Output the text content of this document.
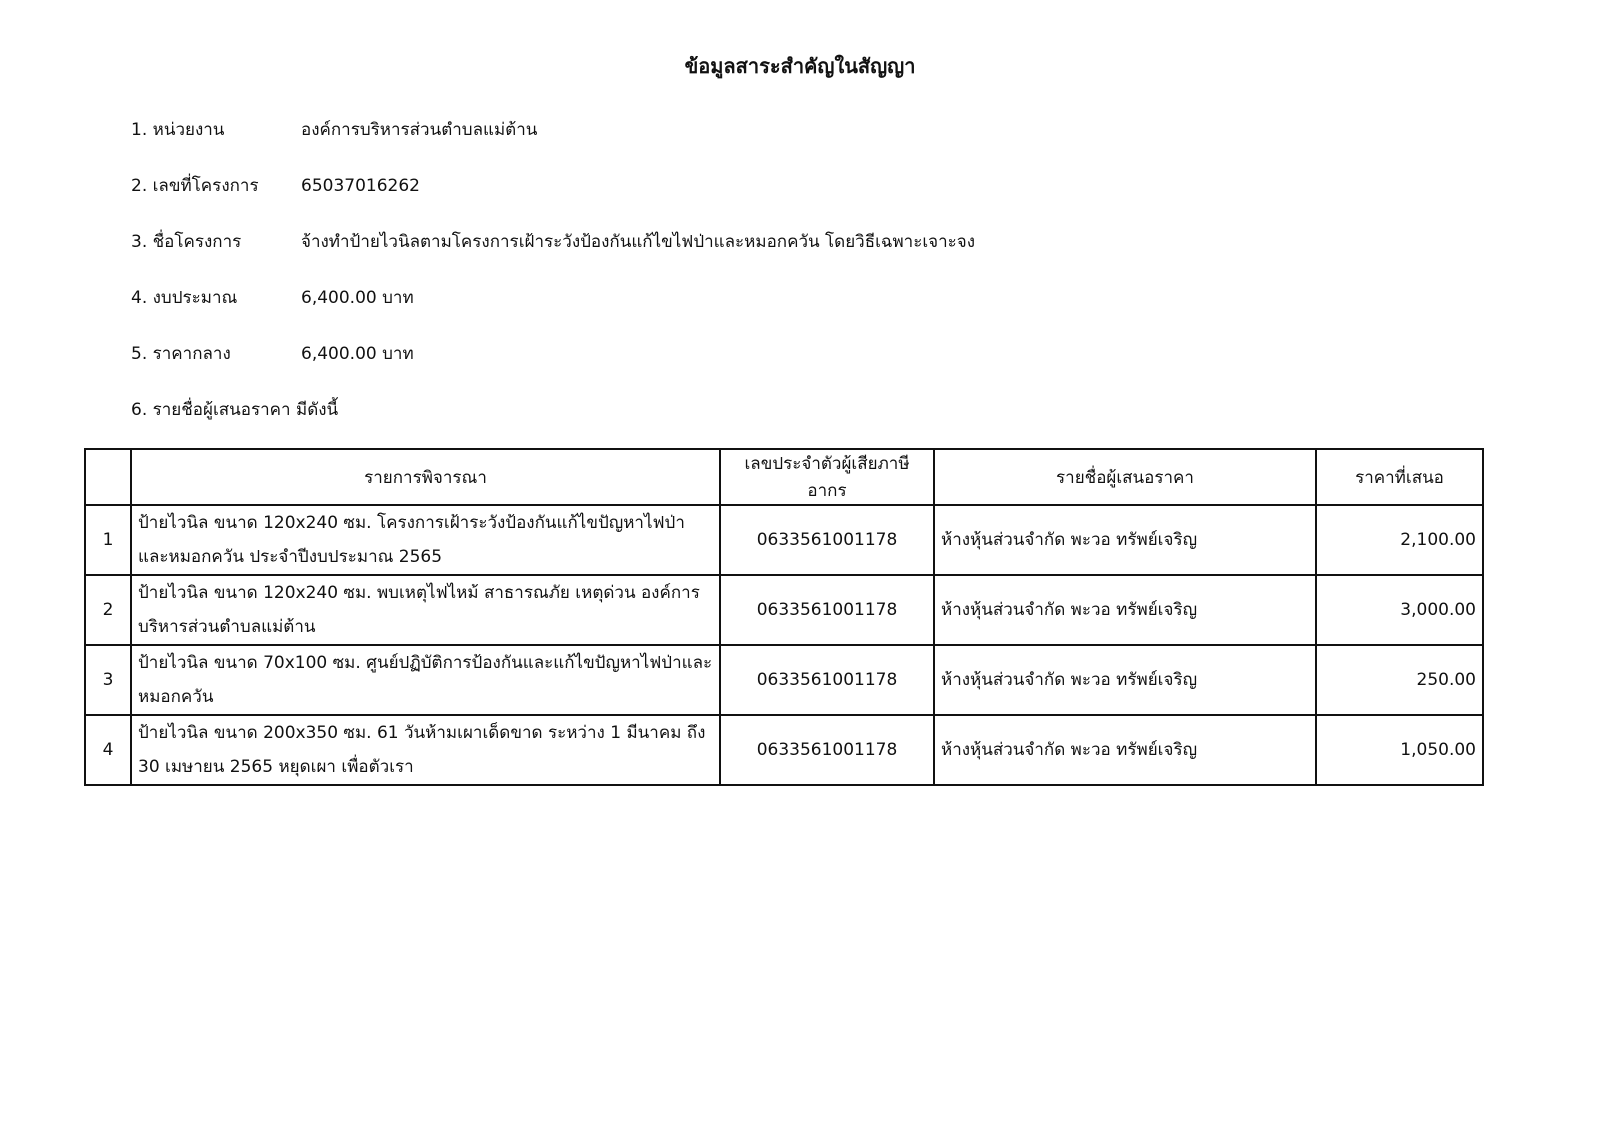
ข้อมูลสาระสำคัญในสัญญา
1. หน่วยงาน	องค์การบริหารส่วนตำบลแม่ต้าน
2. เลขที่โครงการ 65037016262
3. ชื่อโครงการ	จ้างทำป้ายไวนิลตามโครงการเฝ้าระวังป้องกันแก้ไขไฟป่าและหมอกควัน โดยวิธีเฉพาะเจาะจง
4. งบประมาณ	6,400.00 บาท
5. ราคากลาง	6,400.00 บาท
6. รายชื่อผู้เสนอราคา มีดังนี้
	รายการพิจารณา	เลขประจำตัวผู้เสียภาษีอากร	รายชื่อผู้เสนอราคา	ราคาที่เสนอ
1	ป้ายไวนิล ขนาด 120x240 ซม. โครงการเฝ้าระวังป้องกันแก้ไขปัญหาไฟป่าและหมอกควัน ประจำปีงบประมาณ 2565	0633561001178	ห้างหุ้นส่วนจำกัด พะวอ ทรัพย์เจริญ	2,100.00
2	ป้ายไวนิล ขนาด 120x240 ซม. พบเหตุไฟไหม้ สาธารณภัย เหตุด่วน องค์การบริหารส่วนตำบลแม่ต้าน	0633561001178	ห้างหุ้นส่วนจำกัด พะวอ ทรัพย์เจริญ	3,000.00
3	ป้ายไวนิล ขนาด 70x100 ซม. ศูนย์ปฏิบัติการป้องกันและแก้ไขปัญหาไฟป่าและหมอกควัน	0633561001178	ห้างหุ้นส่วนจำกัด พะวอ ทรัพย์เจริญ	250.00
4	ป้ายไวนิล ขนาด 200x350 ซม. 61 วันห้ามเผาเด็ดขาด ระหว่าง 1 มีนาคม ถึง 30 เมษายน 2565 หยุดเผา เพื่อตัวเรา	0633561001178	ห้างหุ้นส่วนจำกัด พะวอ ทรัพย์เจริญ	1,050.00
